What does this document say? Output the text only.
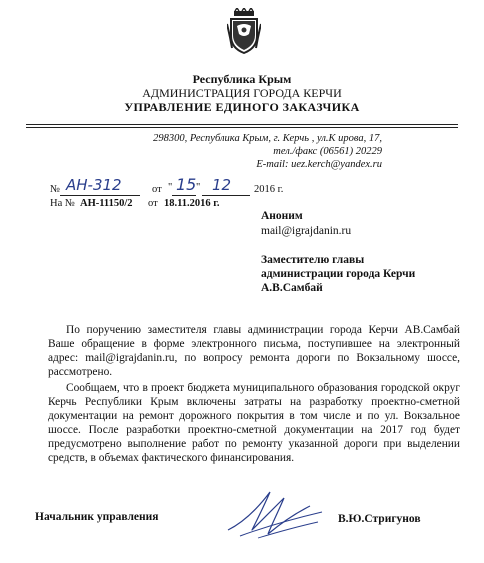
Республика Крым
АДМИНИСТРАЦИЯ ГОРОДА КЕРЧИ
УПРАВЛЕНИЕ ЕДИНОГО ЗАКАЗЧИКА
298300, Республика Крым, г. Керчь , ул.К ирова, 17,
тел./факс (06561) 20229
E-mail: uez.kerch@yandex.ru
№ АН-312	от " 15 " 12 2016 г.
На № АН-11150/2 от 18.11.2016 г.
Аноним
mail@igrajdanin.ru
Заместителю главы
администрации города Керчи
А.В.Самбай

По поручению заместителя главы администрации города Керчи АВ.Самбай Ваше обращение в форме электронного письма, поступившее на электронный адрес: mail@igrajdanin.ru, по вопросу ремонта дороги по Вокзальному шоссе, рассмотрено.

Сообщаем, что в проект бюджета муниципального образования городской округ Керчь Республики Крым включены затраты на разработку проектно-сметной документации на ремонт дорожного покрытия в том числе и по ул. Вокзальное шоссе. После разработки проектно-сметной документации на 2017 год будет предусмотрено выполнение работ по ремонту указанной дороги при выделении средств, в объемах фактического финансирования.

Начальник управления	В.Ю.Стригунов
